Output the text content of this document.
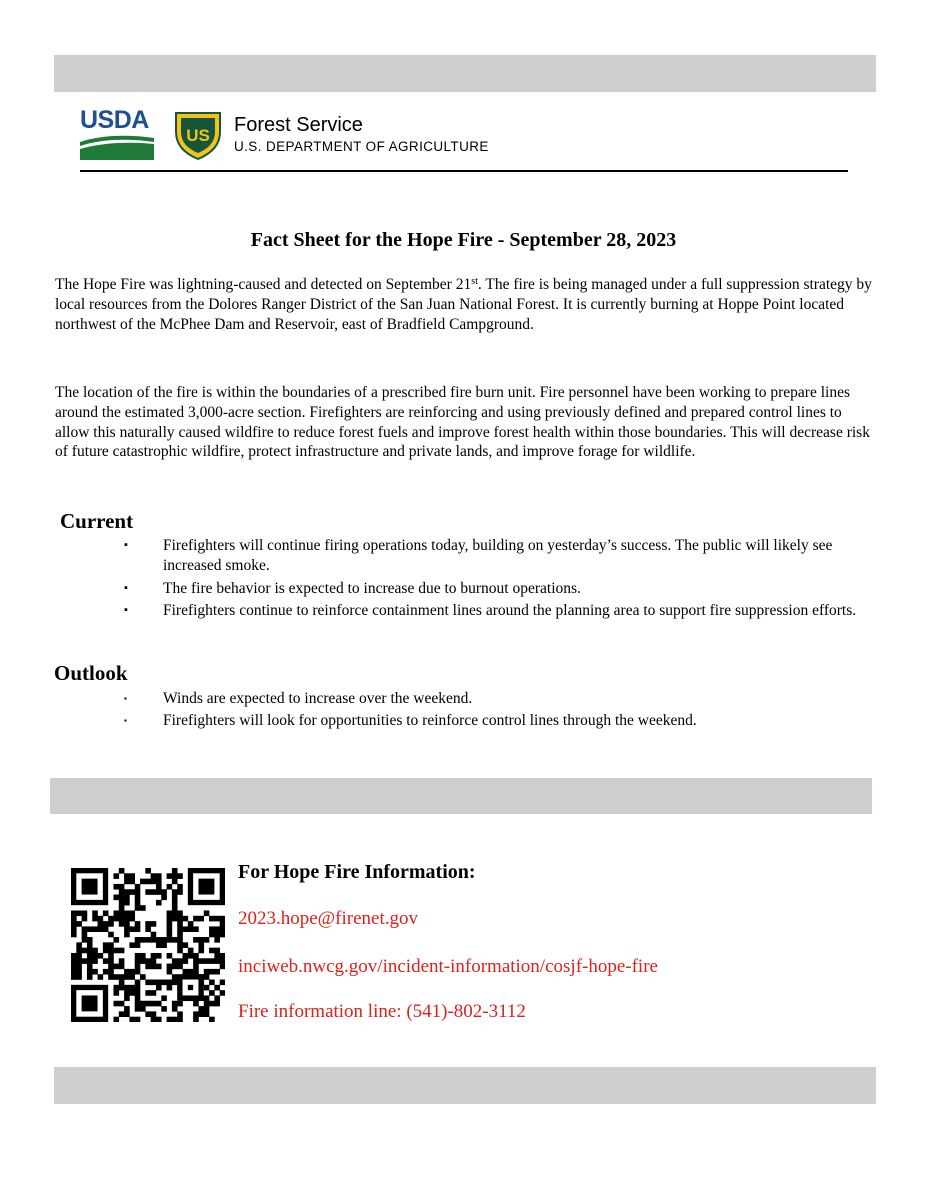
USDA
US Forest Service
U.S. DEPARTMENT OF AGRICULTURE
Fact Sheet for the Hope Fire - September 28, 2023

The Hope Fire was lightning-caused and detected on September 21st. The fire is being managed under a full suppression strategy by local resources from the Dolores Ranger District of the San Juan National Forest. It is currently burning at Hoppe Point located northwest of the McPhee Dam and Reservoir, east of Bradfield Campground.

The location of the fire is within the boundaries of a prescribed fire burn unit. Fire personnel have been working to prepare lines around the estimated 3,000-acre section. Firefighters are reinforcing and using previously defined and prepared control lines to allow this naturally caused wildfire to reduce forest fuels and improve forest health within those boundaries. This will decrease risk of future catastrophic wildfire, protect infrastructure and private lands, and improve forage for wildlife.

Current
▪ Firefighters will continue firing operations today, building on yesterday’s success. The public will likely see increased smoke.
▪ The fire behavior is expected to increase due to burnout operations.
▪ Firefighters continue to reinforce containment lines around the planning area to support fire suppression efforts.
Outlook
▪ Winds are expected to increase over the weekend.
▪ Firefighters will look for opportunities to reinforce control lines through the weekend.
For Hope Fire Information:
2023.hope@firenet.gov
inciweb.nwcg.gov/incident-information/cosjf-hope-fire
Fire information line: (541)-802-3112
